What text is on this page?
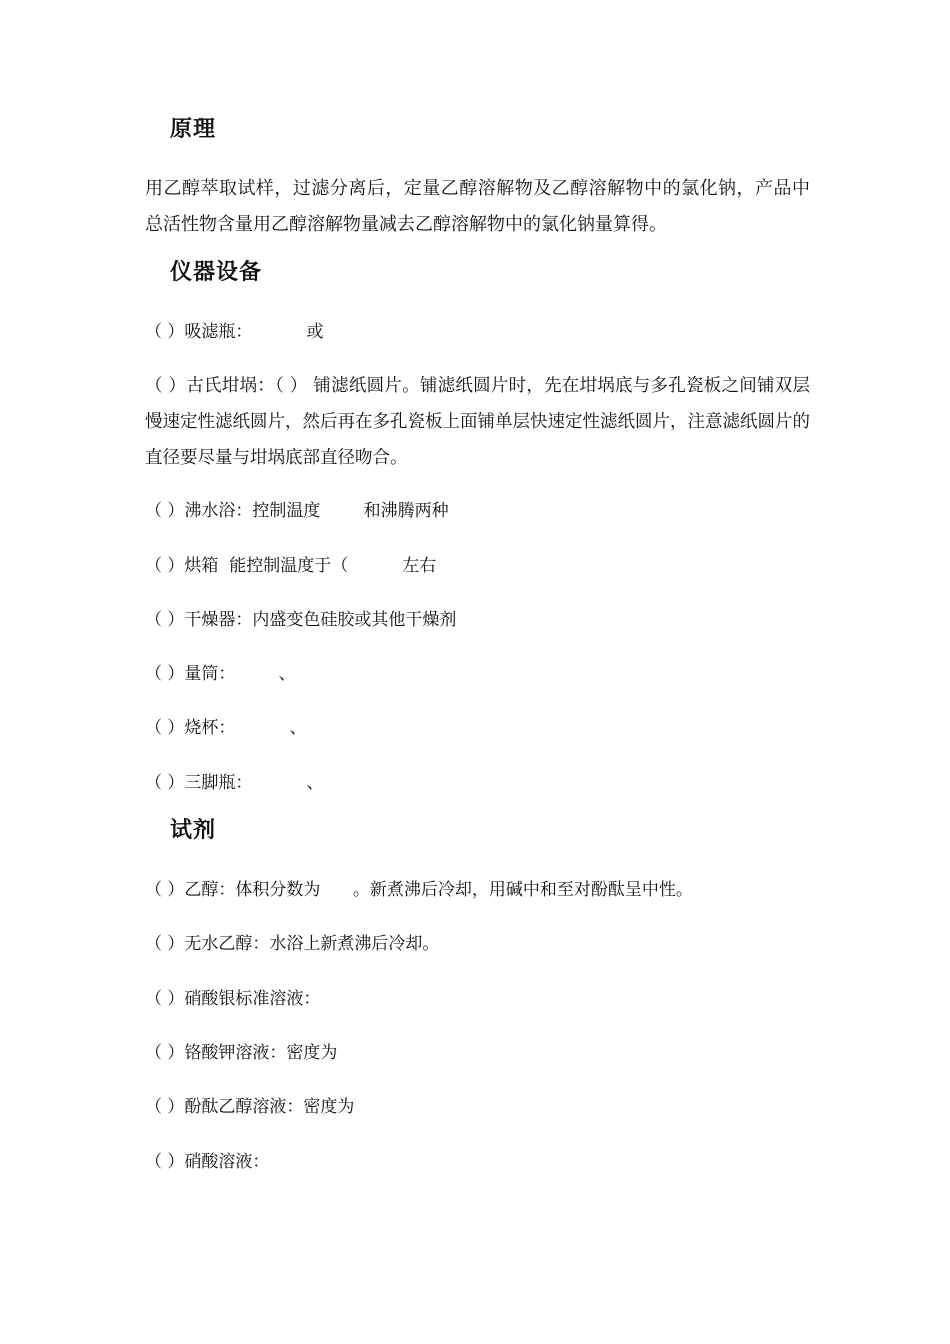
原理

用乙醇萃取试样，过滤分离后，定量乙醇溶解物及乙醇溶解物中的氯化钠，产品中总活性物含量用乙醇溶解物量减去乙醇溶解物中的氯化钠量算得。

仪器设备

（ ）吸滤瓶：          或

（ ）古氏坩埚：（ ） 铺滤纸圆片。铺滤纸圆片时，先在坩埚底与多孔瓷板之间铺双层慢速定性滤纸圆片，然后再在多孔瓷板上面铺单层快速定性滤纸圆片，注意滤纸圆片的直径要尽量与坩埚底部直径吻合。

（ ）沸水浴：控制温度        和沸腾两种

（ ）烘箱  能控制温度于（          左右

（ ）干燥器：内盛变色硅胶或其他干燥剂

（ ）量筒：        、

（ ）烧杯：          、

（ ）三脚瓶：          、

试剂

（ ）乙醇：体积分数为      。新煮沸后冷却，用碱中和至对酚酞呈中性。

（ ）无水乙醇：水浴上新煮沸后冷却。

（ ）硝酸银标准溶液：

（ ）铬酸钾溶液：密度为

（ ）酚酞乙醇溶液：密度为

（ ）硝酸溶液：
